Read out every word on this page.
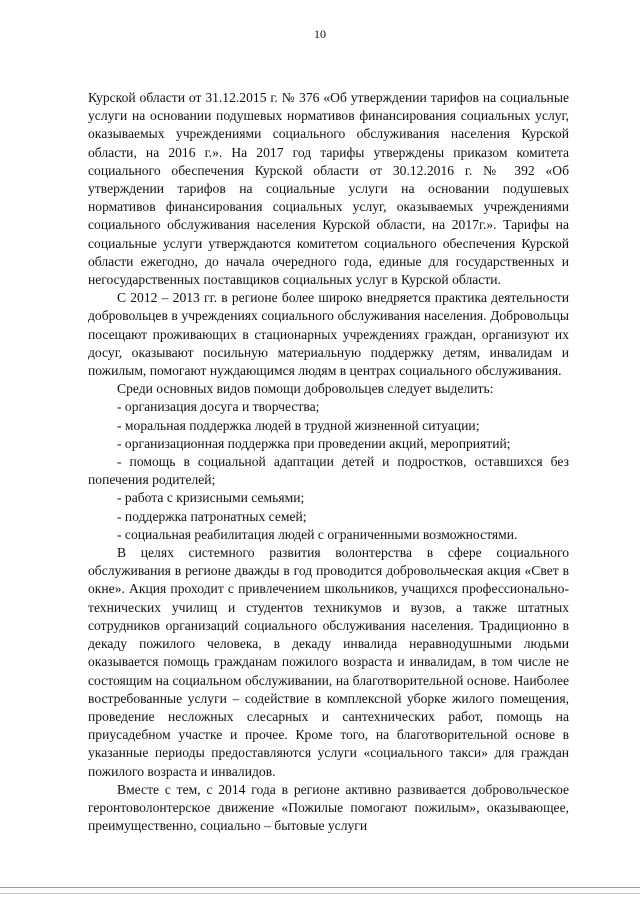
10

Курской области от 31.12.2015 г. № 376 «Об утверждении тарифов на социальные услуги на основании подушевых нормативов финансирования социальных услуг, оказываемых учреждениями социального обслуживания населения Курской области, на 2016 г.». На 2017 год тарифы утверждены приказом комитета социального обеспечения Курской области от 30.12.2016 г. № 392 «Об утверждении тарифов на социальные услуги на основании подушевых нормативов финансирования социальных услуг, оказываемых учреждениями социального обслуживания населения Курской области, на 2017г.». Тарифы на социальные услуги утверждаются комитетом социального обеспечения Курской области ежегодно, до начала очередного года, единые для государственных и негосударственных поставщиков социальных услуг в Курской области.

С 2012 – 2013 гг. в регионе более широко внедряется практика деятельности добровольцев в учреждениях социального обслуживания населения. Добровольцы посещают проживающих в стационарных учреждениях граждан, организуют их досуг, оказывают посильную материальную поддержку детям, инвалидам и пожилым, помогают нуждающимся людям в центрах социального обслуживания.

Среди основных видов помощи добровольцев следует выделить:

- организация досуга и творчества;
- моральная поддержка людей в трудной жизненной ситуации;
- организационная поддержка при проведении акций, мероприятий;
- помощь в социальной адаптации детей и подростков, оставшихся без попечения родителей;
- работа с кризисными семьями;
- поддержка патронатных семей;
- социальная реабилитация людей с ограниченными возможностями.

В целях системного развития волонтерства в сфере социального обслуживания в регионе дважды в год проводится добровольческая акция «Свет в окне». Акция проходит с привлечением школьников, учащихся профессионально-технических училищ и студентов техникумов и вузов, а также штатных сотрудников организаций социального обслуживания населения. Традиционно в декаду пожилого человека, в декаду инвалида неравнодушными людьми оказывается помощь гражданам пожилого возраста и инвалидам, в том числе не состоящим на социальном обслуживании, на благотворительной основе. Наиболее востребованные услуги – содействие в комплексной уборке жилого помещения, проведение несложных слесарных и сантехнических работ, помощь на приусадебном участке и прочее. Кроме того, на благотворительной основе в указанные периоды предоставляются услуги «социального такси» для граждан пожилого возраста и инвалидов.

Вместе с тем, с 2014 года в регионе активно развивается добровольческое геронтоволонтерское движение «Пожилые помогают пожилым», оказывающее, преимущественно, социально – бытовые услуги
